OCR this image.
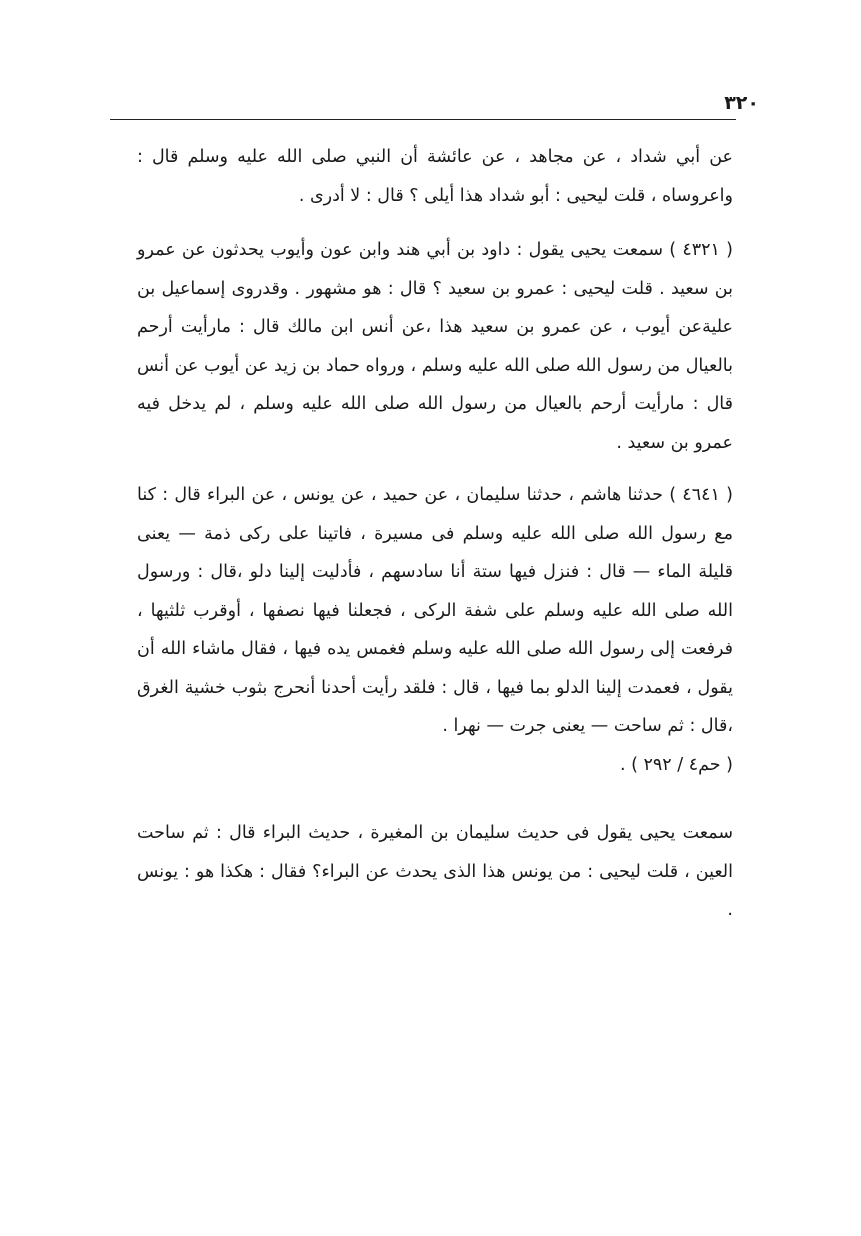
٣٢٠

عن أبي شداد ، عن مجاهد ، عن عائشة أن النبي صلى الله عليه وسلم قال : واعروساه ، قلت ليحيى : أبو شداد هذا أيلى ؟ قال : لا أدرى .

( ٤٣٢١ ) سمعت يحيى يقول : داود بن أبي هند وابن عون وأيوب يحدثون عن عمرو بن سعيد . قلت ليحيى : عمرو بن سعيد ؟ قال : هو مشهور . وقدروى إسماعيل بن عليةعن أيوب ، عن عمرو بن سعيد هذا ،عن أنس ابن مالك قال : مارأيت أرحم بالعيال من رسول الله صلى الله عليه وسلم ، ورواه حماد بن زيد عن أيوب عن أنس قال : مارأيت أرحم بالعيال من رسول الله صلى الله عليه وسلم ، لم يدخل فيه عمرو بن سعيد .

( ٤٦٤١ ) حدثنا هاشم ، حدثنا سليمان ، عن حميد ، عن يونس ، عن البراء قال : كنا مع رسول الله صلى الله عليه وسلم فى مسيرة ، فاتينا على ركى ذمة — يعنى قليلة الماء — قال : فنزل فيها ستة أنا سادسهم ، فأدليت إلينا دلو ،قال : ورسول الله صلى الله عليه وسلم على شفة الركى ، فجعلنا فيها نصفها ، أوقرب ثلثيها ، فرفعت إلى رسول الله صلى الله عليه وسلم فغمس يده فيها ، فقال ماشاء الله أن يقول ، فعمدت إلينا الدلو بما فيها ، قال : فلقد رأيت أحدنا أنحرج بثوب خشية الغرق ،قال : ثم ساحت — يعنى جرت — نهرا .
( حم٤ / ٢٩٢ ) .

سمعت يحيى يقول فى حديث سليمان بن المغيرة ، حديث البراء قال : ثم ساحت العين ، قلت ليحيى : من يونس هذا الذى يحدث عن البراء؟ فقال : هكذا هو : يونس .
